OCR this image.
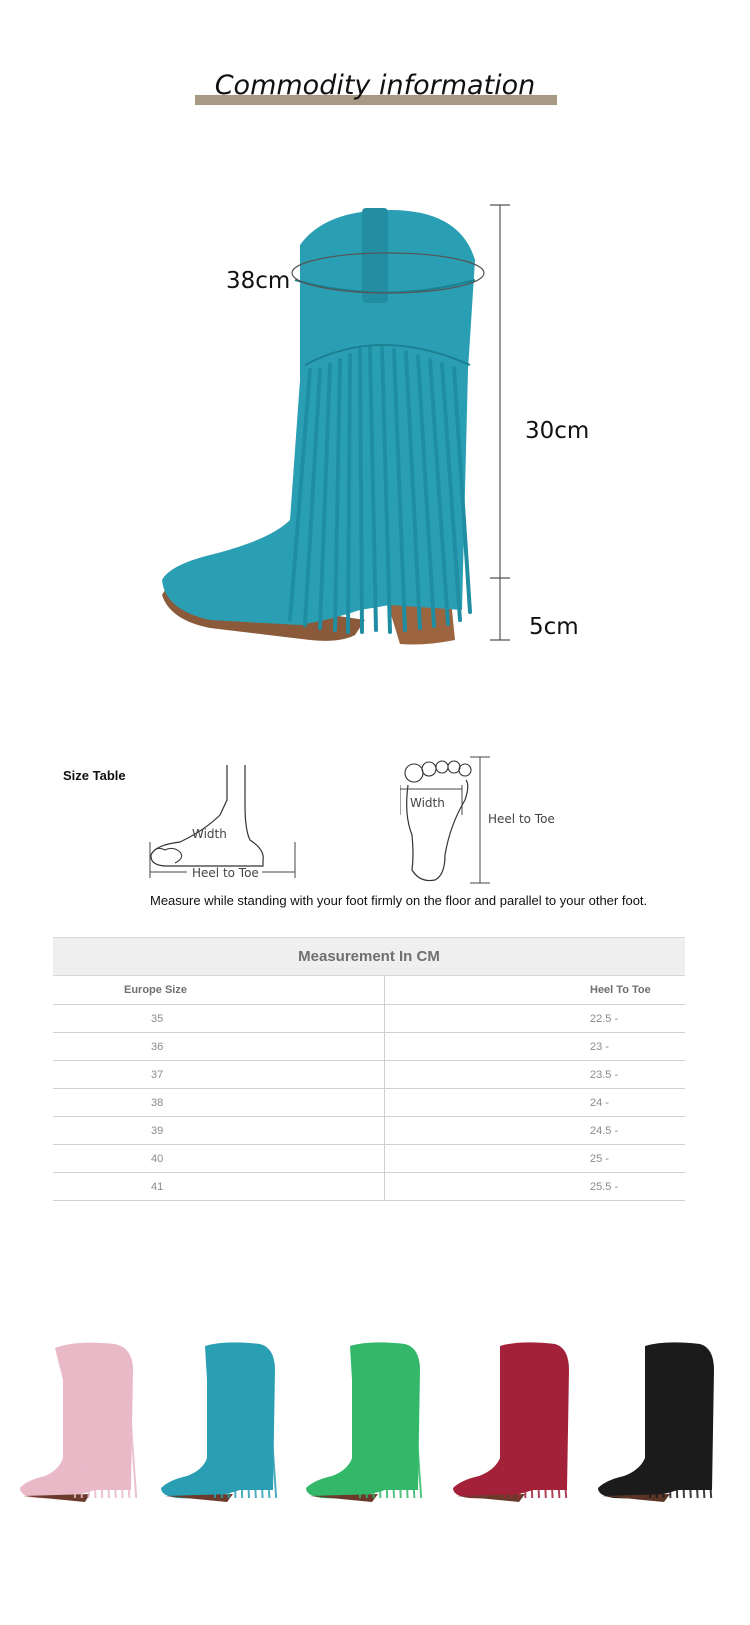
Commodity information
38cm
30cm
5cm
Size Table
Width
Heel to Toe
Width
Heel to Toe
Measure while standing with your foot firmly on the floor and parallel to your other foot.
Measurement In CM
Europe Size	Heel To Toe
35	22.5 -
36	23 -
37	23.5 -
38	24 -
39	24.5 -
40	25 -
41	25.5 -
